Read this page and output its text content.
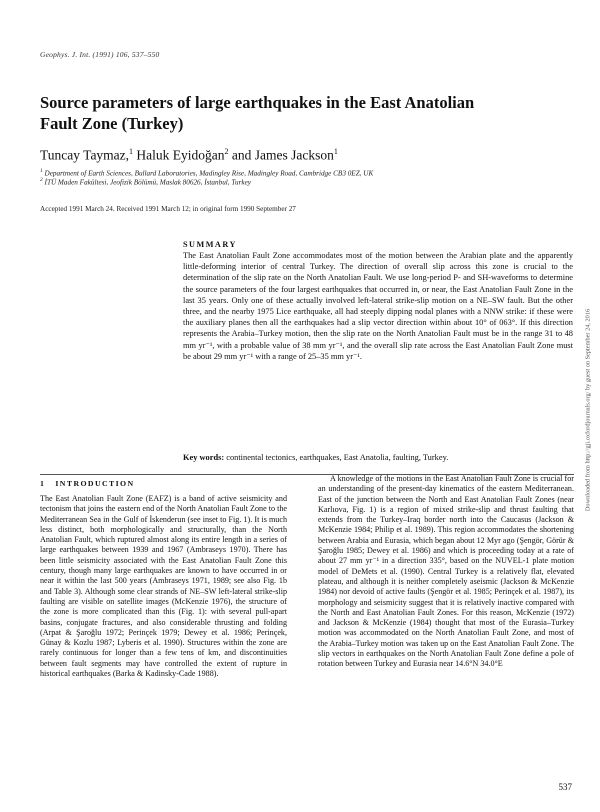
Geophys. J. Int. (1991) 106, 537–550
Source parameters of large earthquakes in the East Anatolian Fault Zone (Turkey)
Tuncay Taymaz,$^1$ Haluk Eyidoğan$^2$ and James Jackson$^1$
$^1$ Department of Earth Sciences, Bullard Laboratories, Madingley Rise, Madingley Road, Cambridge CB3 0EZ, UK
$^2$ İTÜ Maden Fakültesi, Jeofizik Bölümü, Maslak 80626, İstanbul, Turkey
Accepted 1991 March 24. Received 1991 March 12; in original form 1990 September 27
SUMMARY
The East Anatolian Fault Zone accommodates most of the motion between the Arabian plate and the apparently little-deforming interior of central Turkey. The direction of overall slip across this zone is crucial to the determination of the slip rate on the North Anatolian Fault. We use long-period P- and SH-waveforms to determine the source parameters of the four largest earthquakes that occurred in, or near, the East Anatolian Fault Zone in the last 35 years. Only one of these actually involved left-lateral strike-slip motion on a NE–SW fault. But the other three, and the nearby 1975 Lice earthquake, all had steeply dipping nodal planes with a NNW strike: if these were the auxiliary planes then all the earthquakes had a slip vector direction within about 10° of 063°. If this direction represents the Arabia–Turkey motion, then the slip rate on the North Anatolian Fault must be in the range 31 to 48 mm yr⁻¹, with a probable value of 38 mm yr⁻¹, and the overall slip rate across the East Anatolian Fault Zone must be about 29 mm yr⁻¹ with a range of 25–35 mm yr⁻¹.
Key words: continental tectonics, earthquakes, East Anatolia, faulting, Turkey.
1 INTRODUCTION
The East Anatolian Fault Zone (EAFZ) is a band of active seismicity and tectonism that joins the eastern end of the North Anatolian Fault Zone to the Mediterranean Sea in the Gulf of İskenderun (see inset to Fig. 1). It is much less distinct, both morphologically and structurally, than the North Anatolian Fault, which ruptured almost along its entire length in a series of large earthquakes between 1939 and 1967 (Ambraseys 1970). There has been little seismicity associated with the East Anatolian Fault Zone this century, though many large earthquakes are known to have occurred in or near it within the last 500 years (Ambraseys 1971, 1989; see also Fig. 1b and Table 3). Although some clear strands of NE–SW left-lateral strike-slip faulting are visible on satellite images (McKenzie 1976), the structure of the zone is more complicated than this (Fig. 1): with several pull-apart basins, conjugate fractures, and also considerable thrusting and folding (Arpat & Şaroğlu 1972; Perinçek 1979; Dewey et al. 1986; Perinçek, Günay & Kozlu 1987; Lyberis et al. 1990). Structures within the zone are rarely continuous for longer than a few tens of km, and discontinuities between fault segments may have controlled the extent of rupture in historical earthquakes (Barka & Kadinsky-Cade 1988).
A knowledge of the motions in the East Anatolian Fault Zone is crucial for an understanding of the present-day kinematics of the eastern Mediterranean. East of the junction between the North and East Anatolian Fault Zones (near Karlıova, Fig. 1) is a region of mixed strike-slip and thrust faulting that extends from the Turkey–Iraq border north into the Caucasus (Jackson & McKenzie 1984; Philip et al. 1989). This region accommodates the shortening between Arabia and Eurasia, which began about 12 Myr ago (Şengör, Görür & Şaroğlu 1985; Dewey et al. 1986) and which is proceeding today at a rate of about 27 mm yr⁻¹ in a direction 335°, based on the NUVEL-1 plate motion model of DeMets et al. (1990). Central Turkey is a relatively flat, elevated plateau, and although it is neither completely aseismic (Jackson & McKenzie 1984) nor devoid of active faults (Şengör et al. 1985; Perinçek et al. 1987), its morphology and seismicity suggest that it is relatively inactive compared with the North and East Anatolian Fault Zones. For this reason, McKenzie (1972) and Jackson & McKenzie (1984) thought that most of the Eurasia–Turkey motion was accommodated on the North Anatolian Fault Zone, and most of the Arabia–Turkey motion was taken up on the East Anatolian Fault Zone. The slip vectors in earthquakes on the North Anatolian Fault Zone define a pole of rotation between Turkey and Eurasia near 14.6°N 34.0°E
537
Downloaded from http://gji.oxfordjournals.org/ by guest on September 24, 2016
